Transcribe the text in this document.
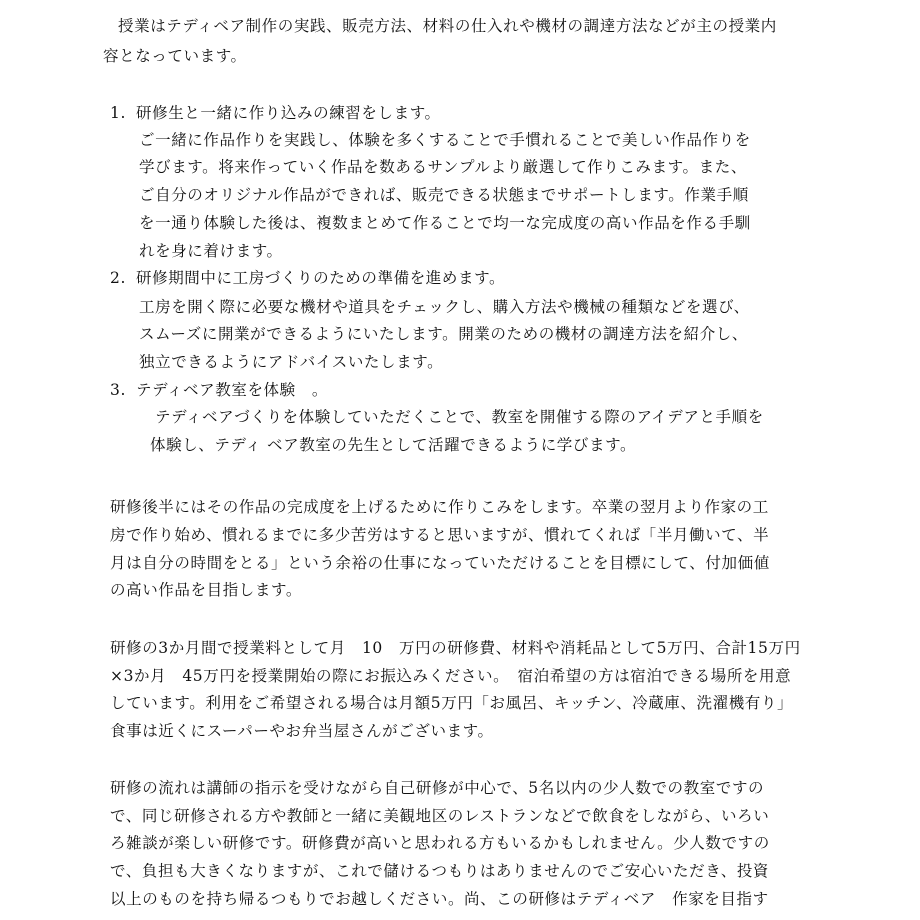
授業はテディベア制作の実践、販売方法、材料の仕入れや機材の調達方法などが主の授業内
容となっています。
1. 研修生と一緒に作り込みの練習をします。
ご一緒に作品作りを実践し、体験を多くすることで手慣れることで美しい作品作りを
学びます。将来作っていく作品を数あるサンプルより厳選して作りこみます。また、
ご自分のオリジナル作品ができれば、販売できる状態までサポートします。作業手順
を一通り体験した後は、複数まとめて作ることで均一な完成度の高い作品を作る手馴
れを身に着けます。
2. 研修期間中に工房づくりのための準備を進めます。
工房を開く際に必要な機材や道具をチェックし、購入方法や機械の種類などを選び、
スムーズに開業ができるようにいたします。開業のための機材の調達方法を紹介し、
独立できるようにアドバイスいたします。
3. テディベア教室を体験　。
テディベアづくりを体験していただくことで、教室を開催する際のアイデアと手順を
体験し、テディ ベア教室の先生として活躍できるように学びます。
研修後半にはその作品の完成度を上げるために作りこみをします。卒業の翌月より作家の工
房で作り始め、慣れるまでに多少苦労はすると思いますが、慣れてくれば「半月働いて、半
月は自分の時間をとる」という余裕の仕事になっていただけることを目標にして、付加価値
の高い作品を目指します。
研修の3か月間で授業料として月　10　万円の研修費、材料や消耗品として5万円、合計15万円
×3か月　45万円を授業開始の際にお振込みください。　宿泊希望の方は宿泊できる場所を用意
しています。利用をご希望される場合は月額5万円「お風呂、キッチン、冷蔵庫、洗濯機有り」
食事は近くにスーパーやお弁当屋さんがございます。
研修の流れは講師の指示を受けながら自己研修が中心で、5名以内の少人数での教室ですの
で、同じ研修される方や教師と一緒に美観地区のレストランなどで飲食をしながら、いろい
ろ雑談が楽しい研修です。研修費が高いと思われる方もいるかもしれません。少人数ですの
で、負担も大きくなりますが、これで儲けるつもりはありませんのでご安心いただき、投資
以上のものを持ち帰るつもりでお越しください。尚、この研修はテディベア　作家を目指す
